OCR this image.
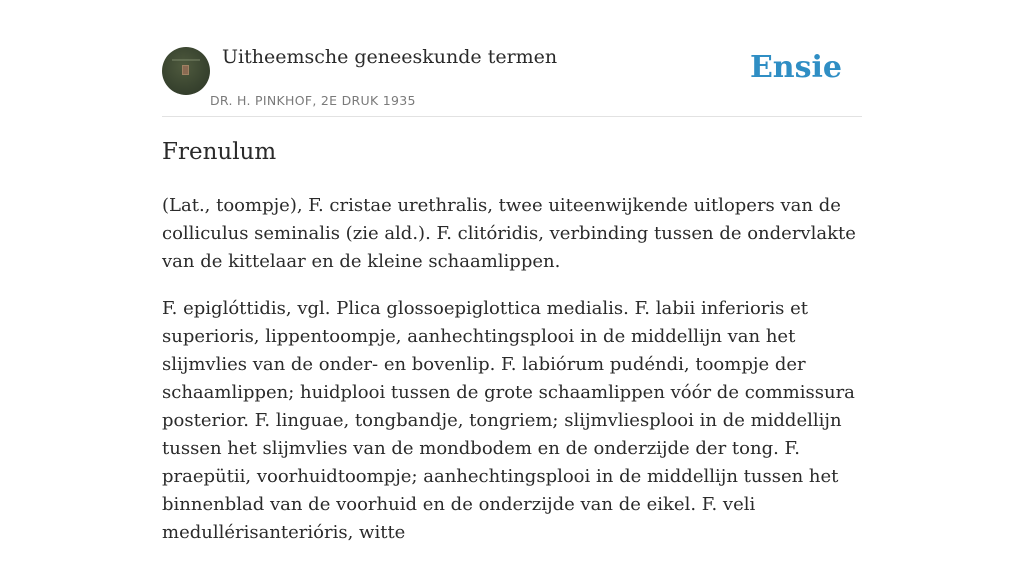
Uitheemsche geneeskunde termen
DR. H. PINKHOF, 2E DRUK 1935
Ensie
Frenulum

(Lat., toompje), F. cristae urethralis, twee uiteenwijkende uitlopers van de colliculus seminalis (zie ald.). F. clitóridis, verbinding tussen de ondervlakte van de kittelaar en de kleine schaamlippen.

F. epiglóttidis, vgl. Plica glossoepiglottica medialis. F. labii inferioris et superioris, lippentoompje, aanhechtingsplooi in de middellijn van het slijmvlies van de onder- en bovenlip. F. labiórum pudéndi, toompje der schaamlippen; huidplooi tussen de grote schaamlippen vóór de commissura posterior. F. linguae, tongbandje, tongriem; slijmvliesplooi in de middellijn tussen het slijmvlies van de mondbodem en de onderzijde der tong. F. praepütii, voorhuidtoompje; aanhechtingsplooi in de middellijn tussen het binnenblad van de voorhuid en de onderzijde van de eikel. F. veli medullérisanterióris, witte
